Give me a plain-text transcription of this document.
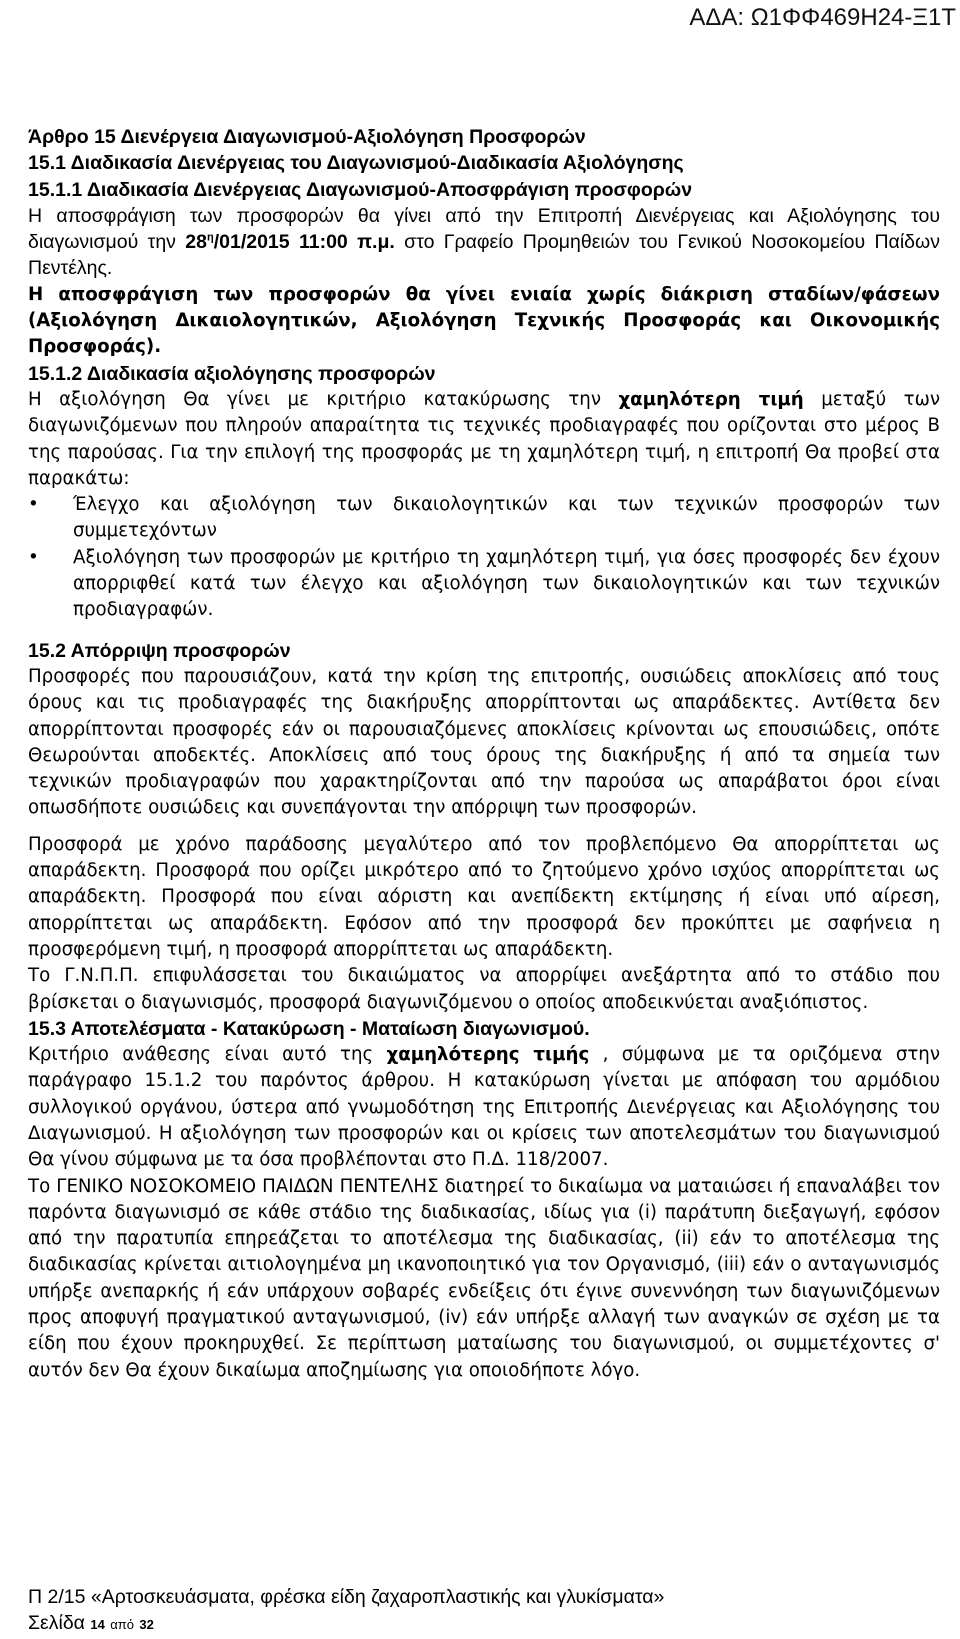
ΑΔΑ: Ω1ΦΦ469Η24-Ξ1Τ

Άρθρο 15 Διενέργεια Διαγωνισμού-Αξιολόγηση Προσφορών

15.1 Διαδικασία Διενέργειας του Διαγωνισμού-Διαδικασία Αξιολόγησης

15.1.1 Διαδικασία Διενέργειας Διαγωνισμού-Αποσφράγιση προσφορών

Η αποσφράγιση των προσφορών θα γίνει από την Επιτροπή Διενέργειας και Αξιολόγησης του διαγωνισμού την $28^\eta/01/2015$ 11:00 π.μ. στο Γραφείο Προμηθειών του Γενικού Νοσοκομείου Παίδων Πεντέλης.

Η αποσφράγιση των προσφορών θα γίνει ενιαία χωρίς διάκριση σταδίων/φάσεων (Αξιολόγηση Δικαιολογητικών, Αξιολόγηση Τεχνικής Προσφοράς και Οικονομικής Προσφοράς).

15.1.2 Διαδικασία αξιολόγησης προσφορών

Η αξιολόγηση Θα γίνει με κριτήριο κατακύρωσης την χαμηλότερη τιμή μεταξύ των διαγωνιζόμενων που πληρούν απαραίτητα τις τεχνικές προδιαγραφές που ορίζονται στο μέρος Β της παρούσας. Για την επιλογή της προσφοράς με τη χαμηλότερη τιμή, η επιτροπή Θα προβεί στα παρακάτω:

• Έλεγχο και αξιολόγηση των δικαιολογητικών και των τεχνικών προσφορών των συμμετεχόντων
• Αξιολόγηση των προσφορών με κριτήριο τη χαμηλότερη τιμή, για όσες προσφορές δεν έχουν απορριφθεί κατά των έλεγχο και αξιολόγηση των δικαιολογητικών και των τεχνικών προδιαγραφών.

15.2 Απόρριψη προσφορών

Προσφορές που παρουσιάζουν, κατά την κρίση της επιτροπής, ουσιώδεις αποκλίσεις από τους όρους και τις προδιαγραφές της διακήρυξης απορρίπτονται ως απαράδεκτες. Αντίθετα δεν απορρίπτονται προσφορές εάν οι παρουσιαζόμενες αποκλίσεις κρίνονται ως επουσιώδεις, οπότε Θεωρούνται αποδεκτές. Αποκλίσεις από τους όρους της διακήρυξης ή από τα σημεία των τεχνικών προδιαγραφών που χαρακτηρίζονται από την παρούσα ως απαράβατοι όροι είναι οπωσδήποτε ουσιώδεις και συνεπάγονται την απόρριψη των προσφορών.

Προσφορά με χρόνο παράδοσης μεγαλύτερο από τον προβλεπόμενο Θα απορρίπτεται ως απαράδεκτη. Προσφορά που ορίζει μικρότερο από το ζητούμενο χρόνο ισχύος απορρίπτεται ως απαράδεκτη. Προσφορά που είναι αόριστη και ανεπίδεκτη εκτίμησης ή είναι υπό αίρεση, απορρίπτεται ως απαράδεκτη. Εφόσον από την προσφορά δεν προκύπτει με σαφήνεια η προσφερόμενη τιμή, η προσφορά απορρίπτεται ως απαράδεκτη.

Το Γ.Ν.Π.Π. επιφυλάσσεται του δικαιώματος να απορρίψει ανεξάρτητα από το στάδιο που βρίσκεται ο διαγωνισμός, προσφορά διαγωνιζόμενου ο οποίος αποδεικνύεται αναξιόπιστος.

15.3 Αποτελέσματα - Κατακύρωση - Ματαίωση διαγωνισμού.

Κριτήριο ανάθεσης είναι αυτό της χαμηλότερης τιμής , σύμφωνα με τα οριζόμενα στην παράγραφο 15.1.2 του παρόντος άρθρου. Η κατακύρωση γίνεται με απόφαση του αρμόδιου συλλογικού οργάνου, ύστερα από γνωμοδότηση της Επιτροπής Διενέργειας και Αξιολόγησης του Διαγωνισμού. Η αξιολόγηση των προσφορών και οι κρίσεις των αποτελεσμάτων του διαγωνισμού Θα γίνου σύμφωνα με τα όσα προβλέπονται στο Π.Δ. 118/2007.

Το ΓΕΝΙΚΟ ΝΟΣΟΚΟΜΕΙΟ ΠΑΙΔΩΝ ΠΕΝΤΕΛΗΣ διατηρεί το δικαίωμα να ματαιώσει ή επαναλάβει τον παρόντα διαγωνισμό σε κάθε στάδιο της διαδικασίας, ιδίως για (i) παράτυπη διεξαγωγή, εφόσον από την παρατυπία επηρεάζεται το αποτέλεσμα της διαδικασίας, (ii) εάν το αποτέλεσμα της διαδικασίας κρίνεται αιτιολογημένα μη ικανοποιητικό για τον Οργανισμό, (iii) εάν ο ανταγωνισμός υπήρξε ανεπαρκής ή εάν υπάρχουν σοβαρές ενδείξεις ότι έγινε συνεννόηση των διαγωνιζόμενων προς αποφυγή πραγματικού ανταγωνισμού, (iv) εάν υπήρξε αλλαγή των αναγκών σε σχέση με τα είδη που έχουν προκηρυχθεί. Σε περίπτωση ματαίωσης του διαγωνισμού, οι συμμετέχοντες σ' αυτόν δεν Θα έχουν δικαίωμα αποζημίωσης για οποιοδήποτε λόγο.

Π 2/15 «Αρτοσκευάσματα, φρέσκα είδη ζαχαροπλαστικής και γλυκίσματα»
Σελίδα 14 από 32
